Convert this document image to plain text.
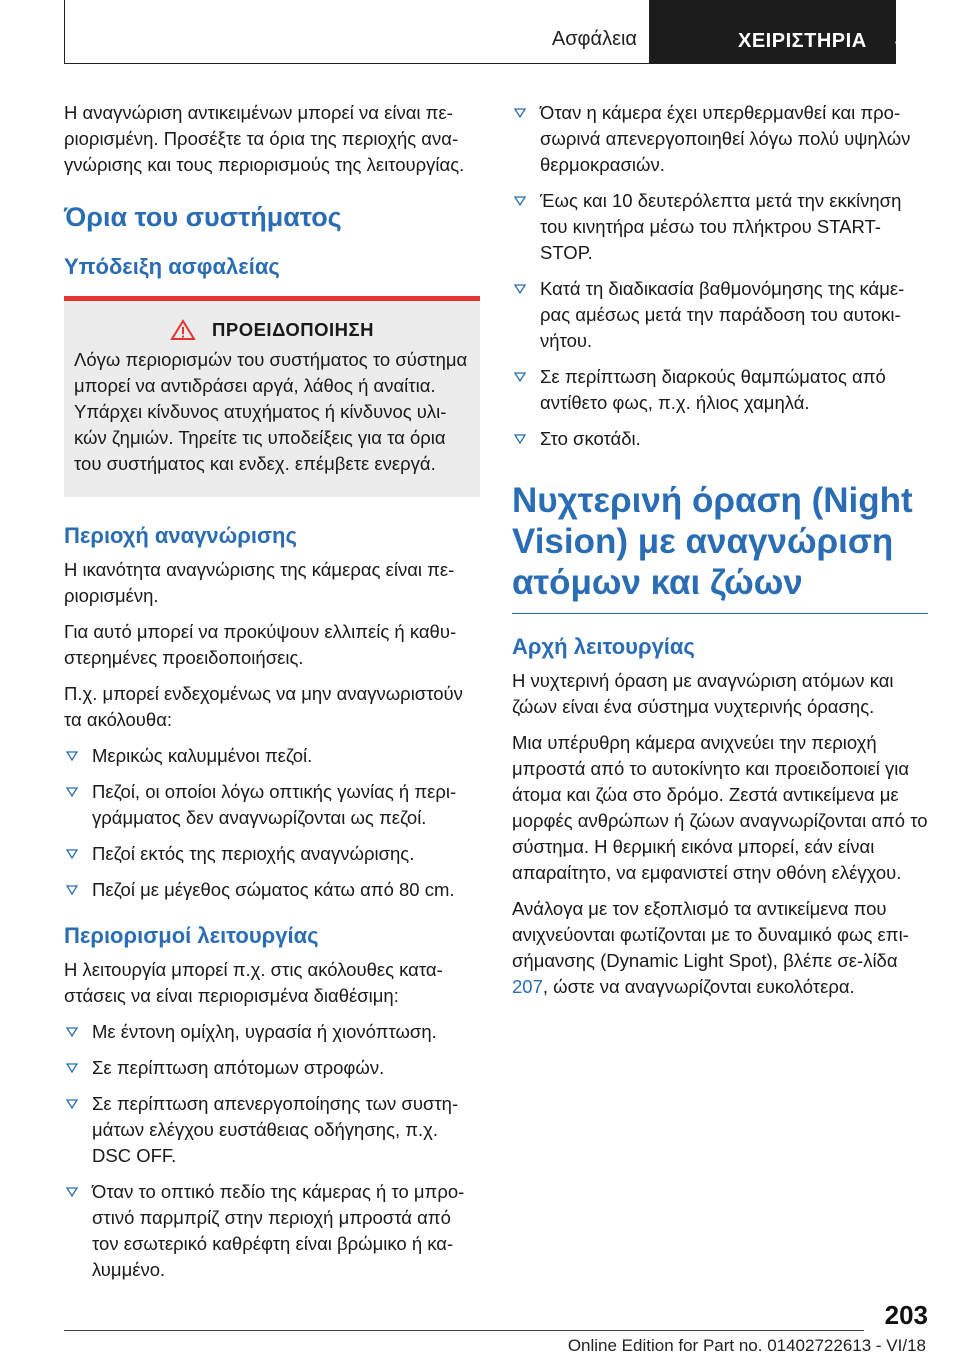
Ασφάλεια	ΧΕΙΡΙΣΤΗΡΙΑ

Η αναγνώριση αντικειμένων μπορεί να είναι πε‐ριορισμένη. Προσέξτε τα όρια της περιοχής ανα‐γνώρισης και τους περιορισμούς της λειτουργίας.

Όρια του συστήματος
Υπόδειξη ασφαλείας
ΠΡΟΕΙΔΟΠΟΙΗΣΗ

Λόγω περιορισμών του συστήματος το σύστημα μπορεί να αντιδράσει αργά, λάθος ή αναίτια. Υπάρχει κίνδυνος ατυχήματος ή κίνδυνος υλι‐κών ζημιών. Τηρείτε τις υποδείξεις για τα όρια του συστήματος και ενδεχ. επέμβετε ενεργά.

Περιοχή αναγνώρισης

Η ικανότητα αναγνώρισης της κάμερας είναι πε‐ριορισμένη.

Για αυτό μπορεί να προκύψουν ελλιπείς ή καθυ‐στερημένες προειδοποιήσεις.

Π.χ. μπορεί ενδεχομένως να μην αναγνωριστούν τα ακόλουθα:

Μερικώς καλυμμένοι πεζοί.
Πεζοί, οι οποίοι λόγω οπτικής γωνίας ή περι‐γράμματος δεν αναγνωρίζονται ως πεζοί.
Πεζοί εκτός της περιοχής αναγνώρισης.
Πεζοί με μέγεθος σώματος κάτω από 80 cm.
Περιορισμοί λειτουργίας

Η λειτουργία μπορεί π.χ. στις ακόλουθες κατα‐στάσεις να είναι περιορισμένα διαθέσιμη:

Με έντονη ομίχλη, υγρασία ή χιονόπτωση.
Σε περίπτωση απότομων στροφών.
Σε περίπτωση απενεργοποίησης των συστη‐μάτων ελέγχου ευστάθειας οδήγησης, π.χ. DSC OFF.
Όταν το οπτικό πεδίο της κάμερας ή το μπρο‐στινό παρμπρίζ στην περιοχή μπροστά από τον εσωτερικό καθρέφτη είναι βρώμικο ή κα‐λυμμένο.
Όταν η κάμερα έχει υπερθερμανθεί και προ‐σωρινά απενεργοποιηθεί λόγω πολύ υψηλών θερμοκρασιών.
Έως και 10 δευτερόλεπτα μετά την εκκίνηση του κινητήρα μέσω του πλήκτρου START-STOP.
Κατά τη διαδικασία βαθμονόμησης της κάμε‐ρας αμέσως μετά την παράδοση του αυτοκι‐νήτου.
Σε περίπτωση διαρκούς θαμπώματος από αντίθετο φως, π.χ. ήλιος χαμηλά.
Στο σκοτάδι.
Νυχτερινή όραση (Night Vision) με αναγνώριση ατόμων και ζώων
Αρχή λειτουργίας

Η νυχτερινή όραση με αναγνώριση ατόμων και ζώων είναι ένα σύστημα νυχτερινής όρασης.

Μια υπέρυθρη κάμερα ανιχνεύει την περιοχή μπροστά από το αυτοκίνητο και προειδοποιεί για άτομα και ζώα στο δρόμο. Ζεστά αντικείμενα με μορφές ανθρώπων ή ζώων αναγνωρίζονται από το σύστημα. Η θερμική εικόνα μπορεί, εάν είναι απαραίτητο, να εμφανιστεί στην οθόνη ελέγχου.

Ανάλογα με τον εξοπλισμό τα αντικείμενα που ανιχνεύονται φωτίζονται με το δυναμικό φως επι‐σήμανσης (Dynamic Light Spot), βλέπε σε‐λίδα 207, ώστε να αναγνωρίζονται ευκολότερα.

203
Online Edition for Part no. 01402722613 - VI/18
